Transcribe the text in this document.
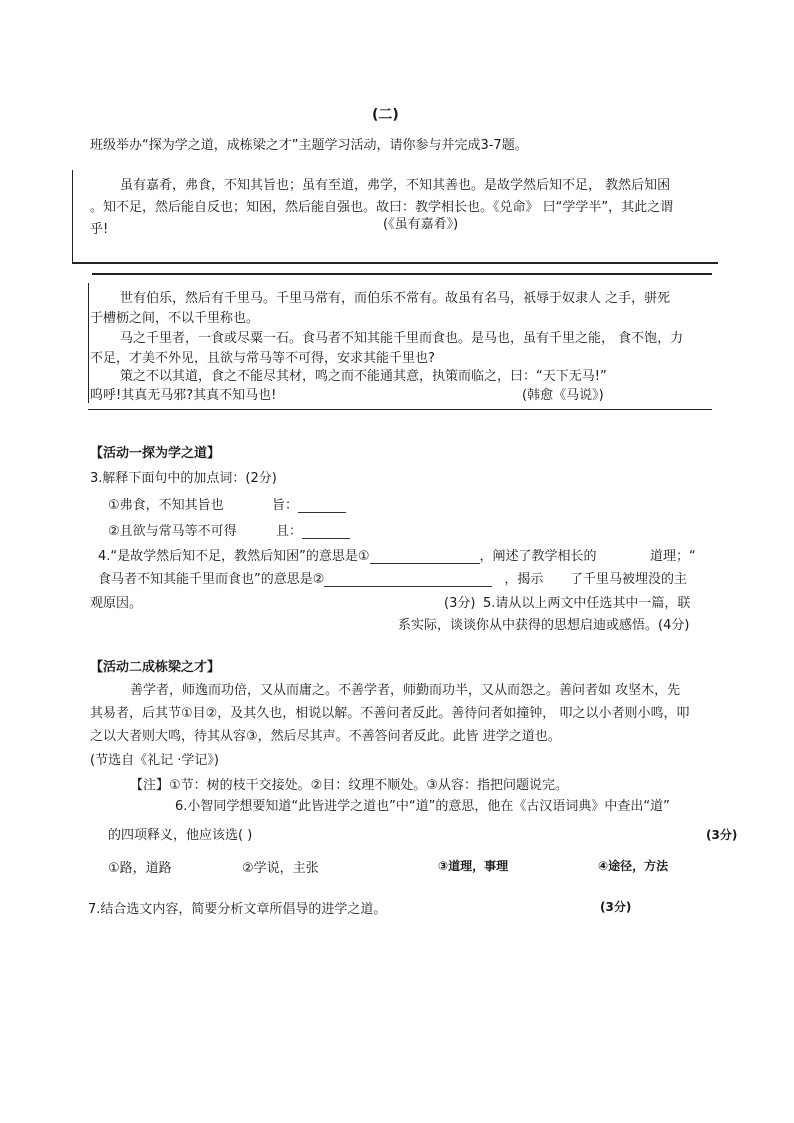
(二)
班级举办“探为学之道，成栋梁之才”主题学习活动，请你参与并完成3-7题。
虽有嘉肴，弗食，不知其旨也；虽有至道，弗学，不知其善也。是故学然后知不足， 教然后知困
。知不足，然后能自反也；知困，然后能自强也。故曰：教学相长也。《兑命》 曰“学学半”，其此之谓
乎!	(《虽有嘉肴》)
世有伯乐，然后有千里马。千里马常有，而伯乐不常有。故虽有名马，祇辱于奴隶人 之手，骈死
于槽枥之间，不以千里称也。
马之千里者，一食或尽粟一石。食马者不知其能千里而食也。是马也，虽有千里之能， 食不饱，力
不足，才美不外见，且欲与常马等不可得，安求其能千里也?
策之不以其道，食之不能尽其材，鸣之而不能通其意，执策而临之，曰：“天下无马!”
呜呼!其真无马邪?其真不知马也!	(韩愈《马说》)
【活动一探为学之道】
3.解释下面句中的加点词：(2分)
①弗食，不知其旨也	旨：
②且欲与常马等不可得	且：
4.“是故学然后知不足，教然后知困”的意思是①	，阐述了教学相长的	道理；“
食马者不知其能千里而食也”的意思是②	，揭示 了千里马被埋没的主
观原因。	(3分) 5.请从以上两文中任选其中一篇，联
系实际，谈谈你从中获得的思想启迪或感悟。(4分)
【活动二成栋梁之才】
善学者，师逸而功倍，又从而庸之。不善学者，师勤而功半，又从而怨之。善问者如 攻坚木，先
其易者，后其节①目②，及其久也，相说以解。不善问者反此。善待问者如撞钟， 叩之以小者则小鸣，叩
之以大者则大鸣，待其从容③，然后尽其声。不善答问者反此。此皆 进学之道也。
(节选自《礼记 ·学记》)
【注】①节：树的枝干交接处。②目：纹理不顺处。③从容：指把问题说完。
6.小智同学想要知道“此皆进学之道也”中“道”的意思，他在《古汉语词典》中查出“道”
的四项释义，他应该选( )	(3分)
①路，道路	②学说，主张	③道理，事理	④途径，方法
7.结合选文内容，简要分析文章所倡导的进学之道。	(3分)
